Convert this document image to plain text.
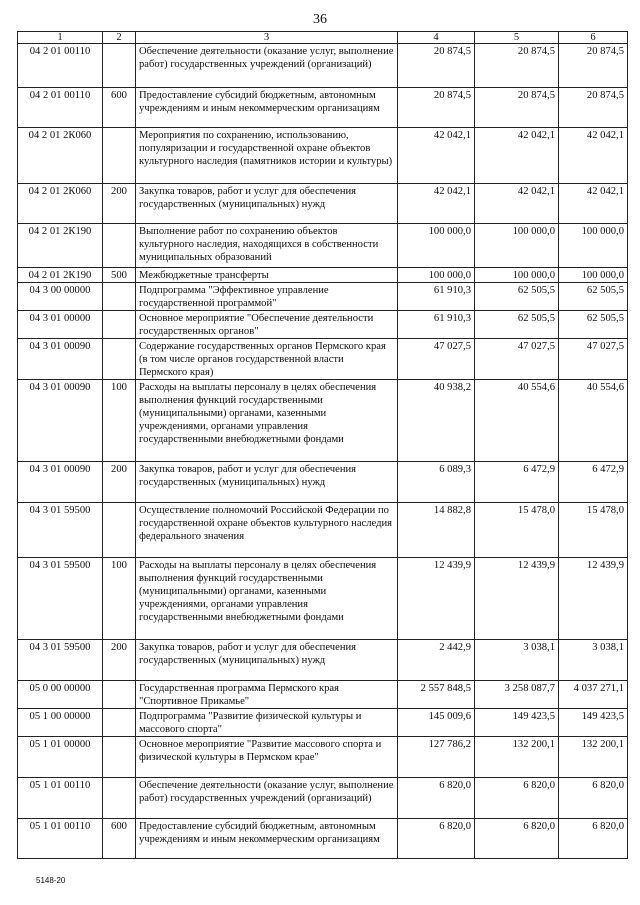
36
1	2	3	4	5	6
04 2 01 00110		Обеспечение деятельности (оказание услуг, выполнение работ) государственных учреждений (организаций)	20 874,5	20 874,5	20 874,5
04 2 01 00110	600	Предоставление субсидий бюджетным, автономным учреждениям и иным некоммерческим организациям	20 874,5	20 874,5	20 874,5
04 2 01 2К060		Мероприятия по сохранению, использованию, популяризации и государственной охране объектов культурного наследия (памятников истории и культуры)	42 042,1	42 042,1	42 042,1
04 2 01 2К060	200	Закупка товаров, работ и услуг для обеспечения государственных (муниципальных) нужд	42 042,1	42 042,1	42 042,1
04 2 01 2К190		Выполнение работ по сохранению объектов культурного наследия, находящихся в собственности муниципальных образований	100 000,0	100 000,0	100 000,0
04 2 01 2К190	500	Межбюджетные трансферты	100 000,0	100 000,0	100 000,0
04 3 00 00000		Подпрограмма "Эффективное управление государственной программой"	61 910,3	62 505,5	62 505,5
04 3 01 00000		Основное мероприятие "Обеспечение деятельности государственных органов"	61 910,3	62 505,5	62 505,5
04 3 01 00090		Содержание государственных органов Пермского края (в том числе органов государственной власти Пермского края)	47 027,5	47 027,5	47 027,5
04 3 01 00090	100	Расходы на выплаты персоналу в целях обеспечения выполнения функций государственными (муниципальными) органами, казенными учреждениями, органами управления государственными внебюджетными фондами	40 938,2	40 554,6	40 554,6
04 3 01 00090	200	Закупка товаров, работ и услуг для обеспечения государственных (муниципальных) нужд	6 089,3	6 472,9	6 472,9
04 3 01 59500		Осуществление полномочий Российской Федерации по государственной охране объектов культурного наследия федерального значения	14 882,8	15 478,0	15 478,0
04 3 01 59500	100	Расходы на выплаты персоналу в целях обеспечения выполнения функций государственными (муниципальными) органами, казенными учреждениями, органами управления государственными внебюджетными фондами	12 439,9	12 439,9	12 439,9
04 3 01 59500	200	Закупка товаров, работ и услуг для обеспечения государственных (муниципальных) нужд	2 442,9	3 038,1	3 038,1
05 0 00 00000		Государственная программа Пермского края "Спортивное Прикамье"	2 557 848,5	3 258 087,7	4 037 271,1
05 1 00 00000		Подпрограмма "Развитие физической культуры и массового спорта"	145 009,6	149 423,5	149 423,5
05 1 01 00000		Основное мероприятие "Развитие массового спорта и физической культуры в Пермском крае"	127 786,2	132 200,1	132 200,1
05 1 01 00110		Обеспечение деятельности (оказание услуг, выполнение работ) государственных учреждений (организаций)	6 820,0	6 820,0	6 820,0
05 1 01 00110	600	Предоставление субсидий бюджетным, автономным учреждениям и иным некоммерческим организациям	6 820,0	6 820,0	6 820,0
5148-20
